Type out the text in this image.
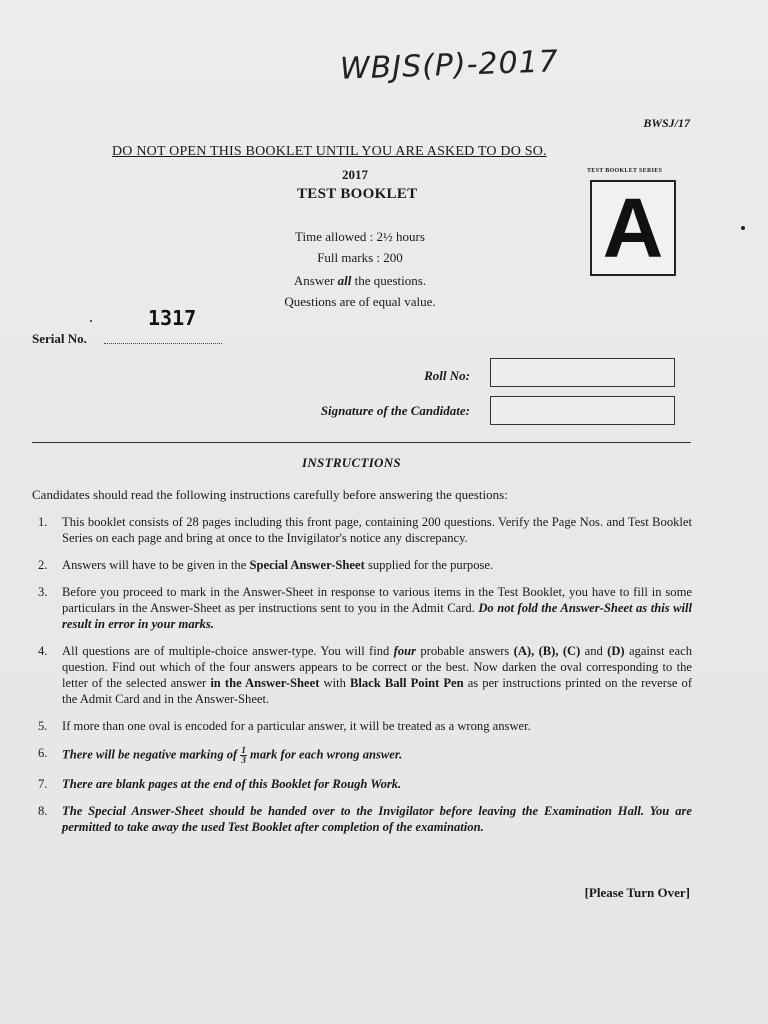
WBJS(P)-2017
BWSJ/17
DO NOT OPEN THIS BOOKLET UNTIL YOU ARE ASKED TO DO SO.
2017
TEST BOOKLET
TEST BOOKLET SERIES
A
Time allowed : 2½ hours
Full marks : 200
Answer all the questions.
Questions are of equal value.
1317
Serial No.
Roll No:
Signature of the Candidate:
INSTRUCTIONS
Candidates should read the following instructions carefully before answering the questions:
1.	This booklet consists of 28 pages including this front page, containing 200 questions. Verify the Page Nos. and Test Booklet Series on each page and bring at once to the Invigilator's notice any discrepancy.
2.	Answers will have to be given in the Special Answer-Sheet supplied for the purpose.
3.	Before you proceed to mark in the Answer-Sheet in response to various items in the Test Booklet, you have to fill in some particulars in the Answer-Sheet as per instructions sent to you in the Admit Card. Do not fold the Answer-Sheet as this will result in error in your marks.
4.	All questions are of multiple-choice answer-type. You will find four probable answers (A), (B), (C) and (D) against each question. Find out which of the four answers appears to be correct or the best. Now darken the oval corresponding to the letter of the selected answer in the Answer-Sheet with Black Ball Point Pen as per instructions printed on the reverse of the Admit Card and in the Answer-Sheet.
5.	If more than one oval is encoded for a particular answer, it will be treated as a wrong answer.
6.	There will be negative marking of $\frac{1}{3}$ mark for each wrong answer.
7.	There are blank pages at the end of this Booklet for Rough Work.
8.	The Special Answer-Sheet should be handed over to the Invigilator before leaving the Examination Hall. You are permitted to take away the used Test Booklet after completion of the examination.
[Please Turn Over]
